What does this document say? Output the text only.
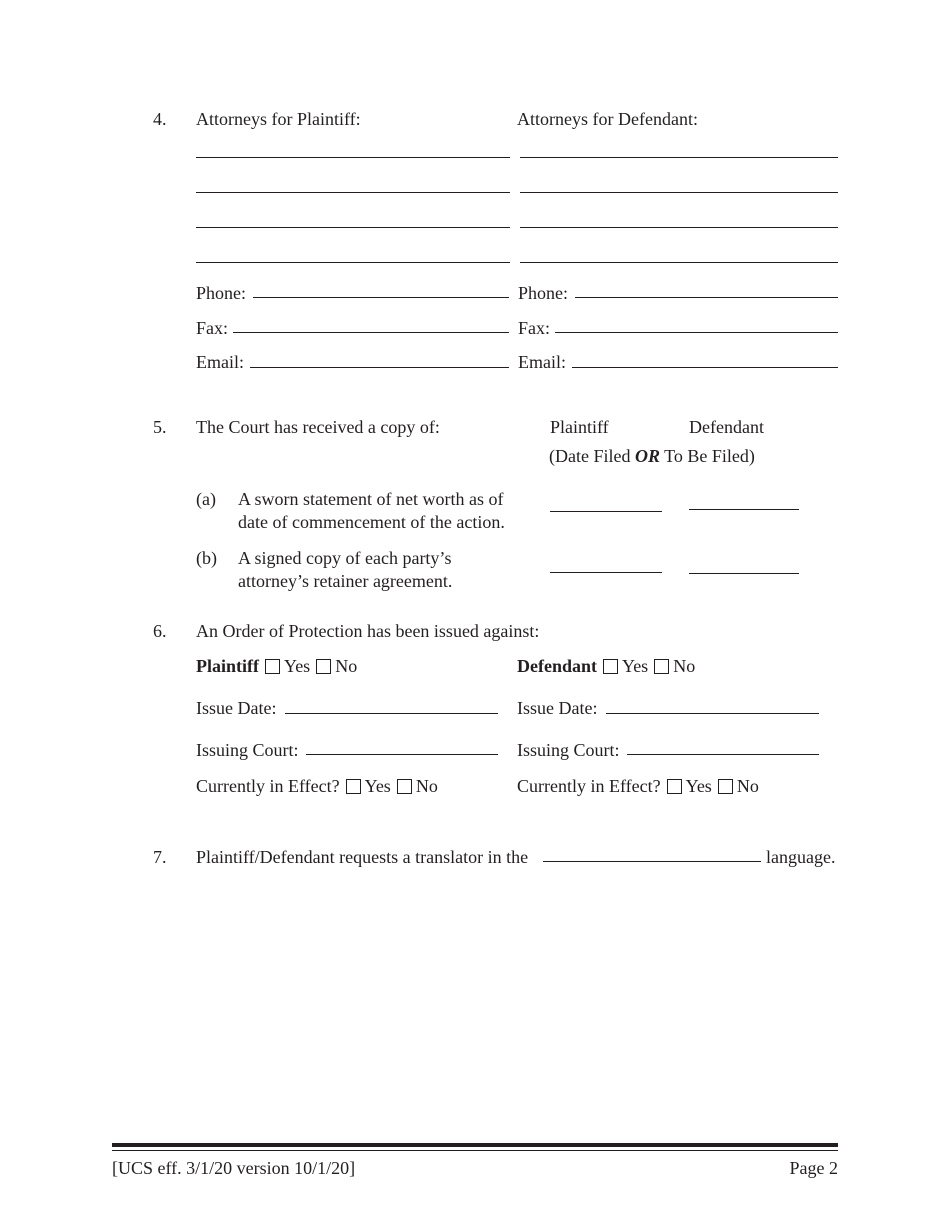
4. Attorneys for Plaintiff:	Attorneys for Defendant:
Phone:	Phone:
Fax:	Fax:
Email:	Email:
5. The Court has received a copy of:	Plaintiff	Defendant
(Date Filed OR To Be Filed)
(a) A sworn statement of net worth as of
date of commencement of the action.
(b) A signed copy of each party’s
attorney’s retainer agreement.
6. An Order of Protection has been issued against:
Plaintiff Yes No	Defendant Yes No
Issue Date:	Issue Date:
Issuing Court:	Issuing Court:
Currently in Effect? Yes No	Currently in Effect? Yes No
7. Plaintiff/Defendant requests a translator in the	language.
[UCS eff. 3/1/20 version 10/1/20]	Page 2
